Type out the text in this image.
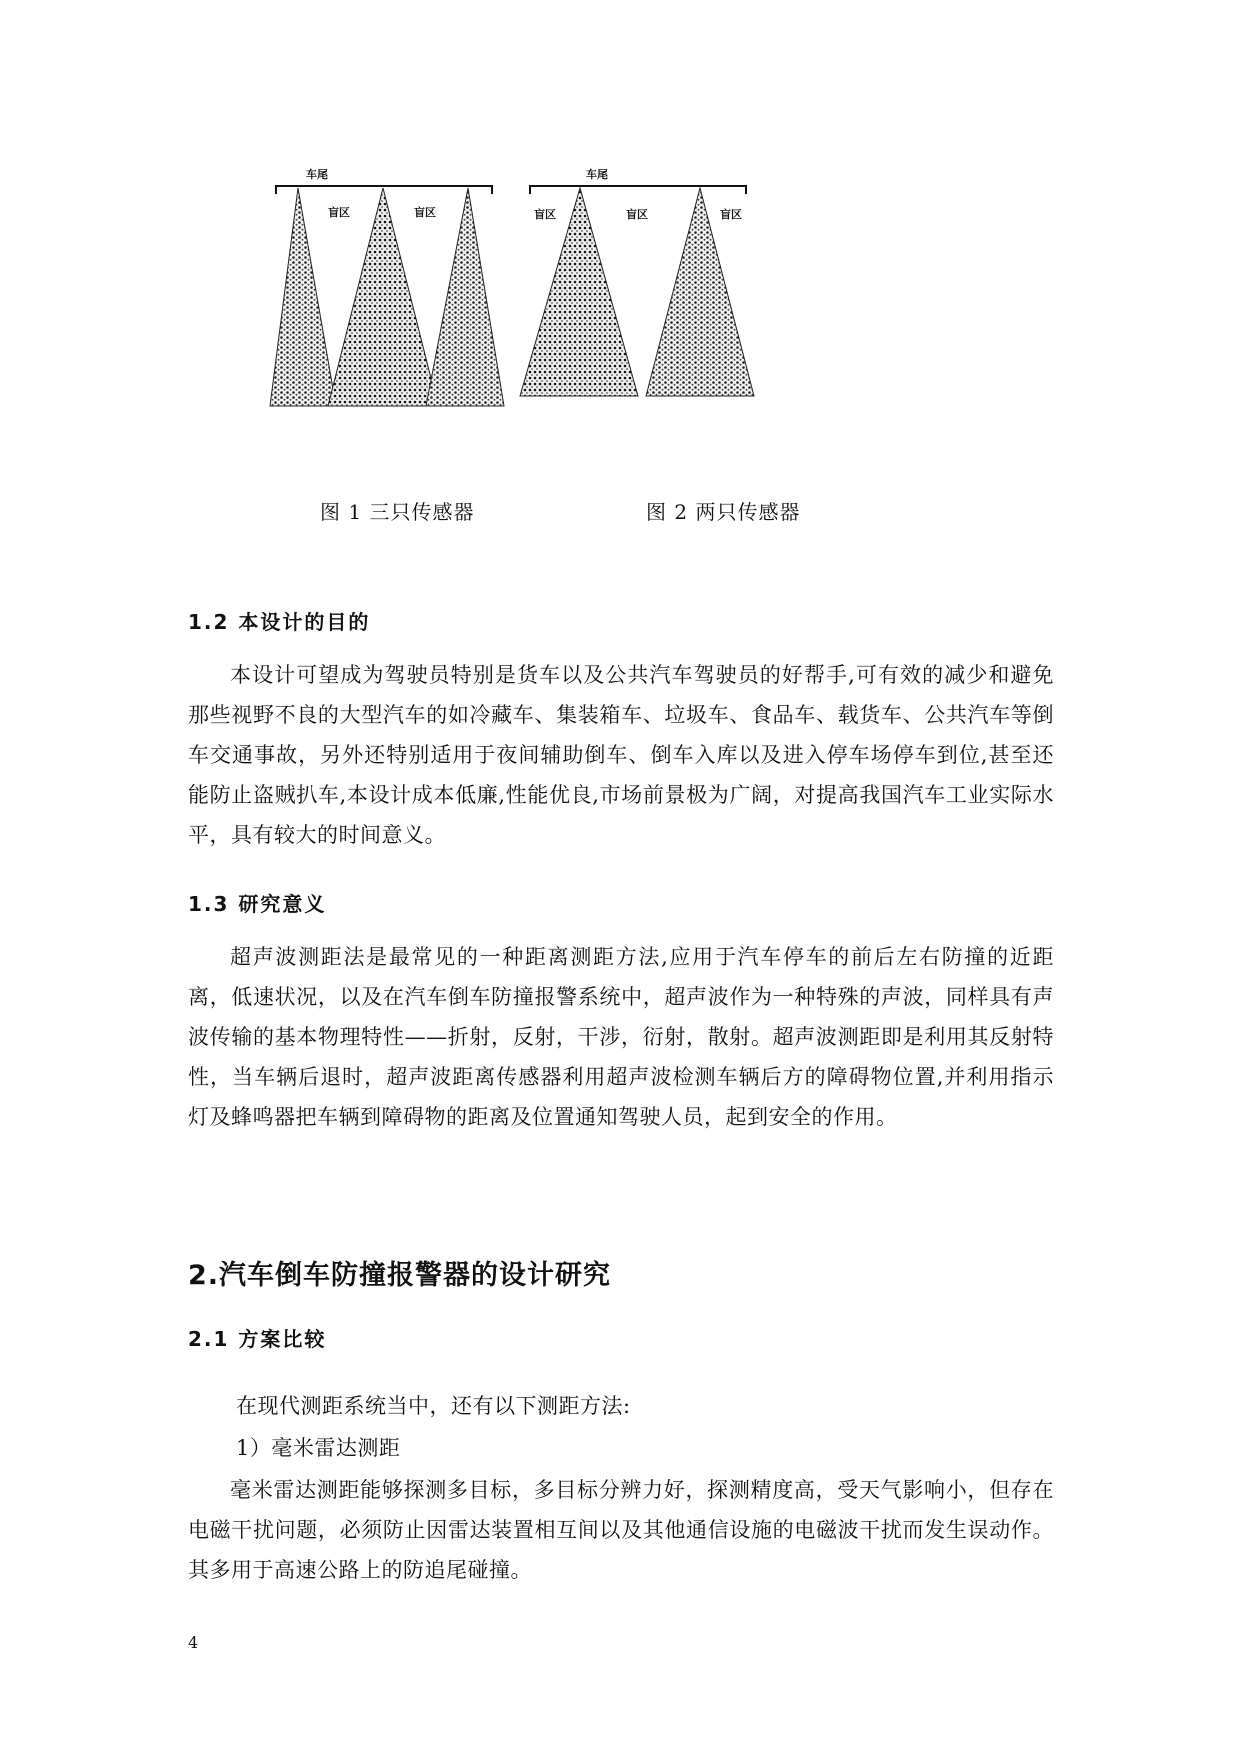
车尾
盲区	盲区
车尾
盲区	盲区	盲区
图 1 三只传感器	图 2 两只传感器
1.2 本设计的目的

本设计可望成为驾驶员特别是货车以及公共汽车驾驶员的好帮手,可有效的减少和避免那些视野不良的大型汽车的如冷藏车、集装箱车、垃圾车、食品车、载货车、公共汽车等倒车交通事故，另外还特别适用于夜间辅助倒车、倒车入库以及进入停车场停车到位,甚至还能防止盗贼扒车,本设计成本低廉,性能优良,市场前景极为广阔，对提高我国汽车工业实际水平，具有较大的时间意义。

1.3 研究意义

超声波测距法是最常见的一种距离测距方法,应用于汽车停车的前后左右防撞的近距离，低速状况，以及在汽车倒车防撞报警系统中，超声波作为一种特殊的声波，同样具有声波传输的基本物理特性——折射，反射，干涉，衍射，散射。超声波测距即是利用其反射特性，当车辆后退时，超声波距离传感器利用超声波检测车辆后方的障碍物位置,并利用指示灯及蜂鸣器把车辆到障碍物的距离及位置通知驾驶人员，起到安全的作用。

2.汽车倒车防撞报警器的设计研究
2.1 方案比较
在现代测距系统当中，还有以下测距方法:
1）毫米雷达测距

毫米雷达测距能够探测多目标，多目标分辨力好，探测精度高，受天气影响小，但存在电磁干扰问题，必须防止因雷达装置相互间以及其他通信设施的电磁波干扰而发生误动作。其多用于高速公路上的防追尾碰撞。

4
